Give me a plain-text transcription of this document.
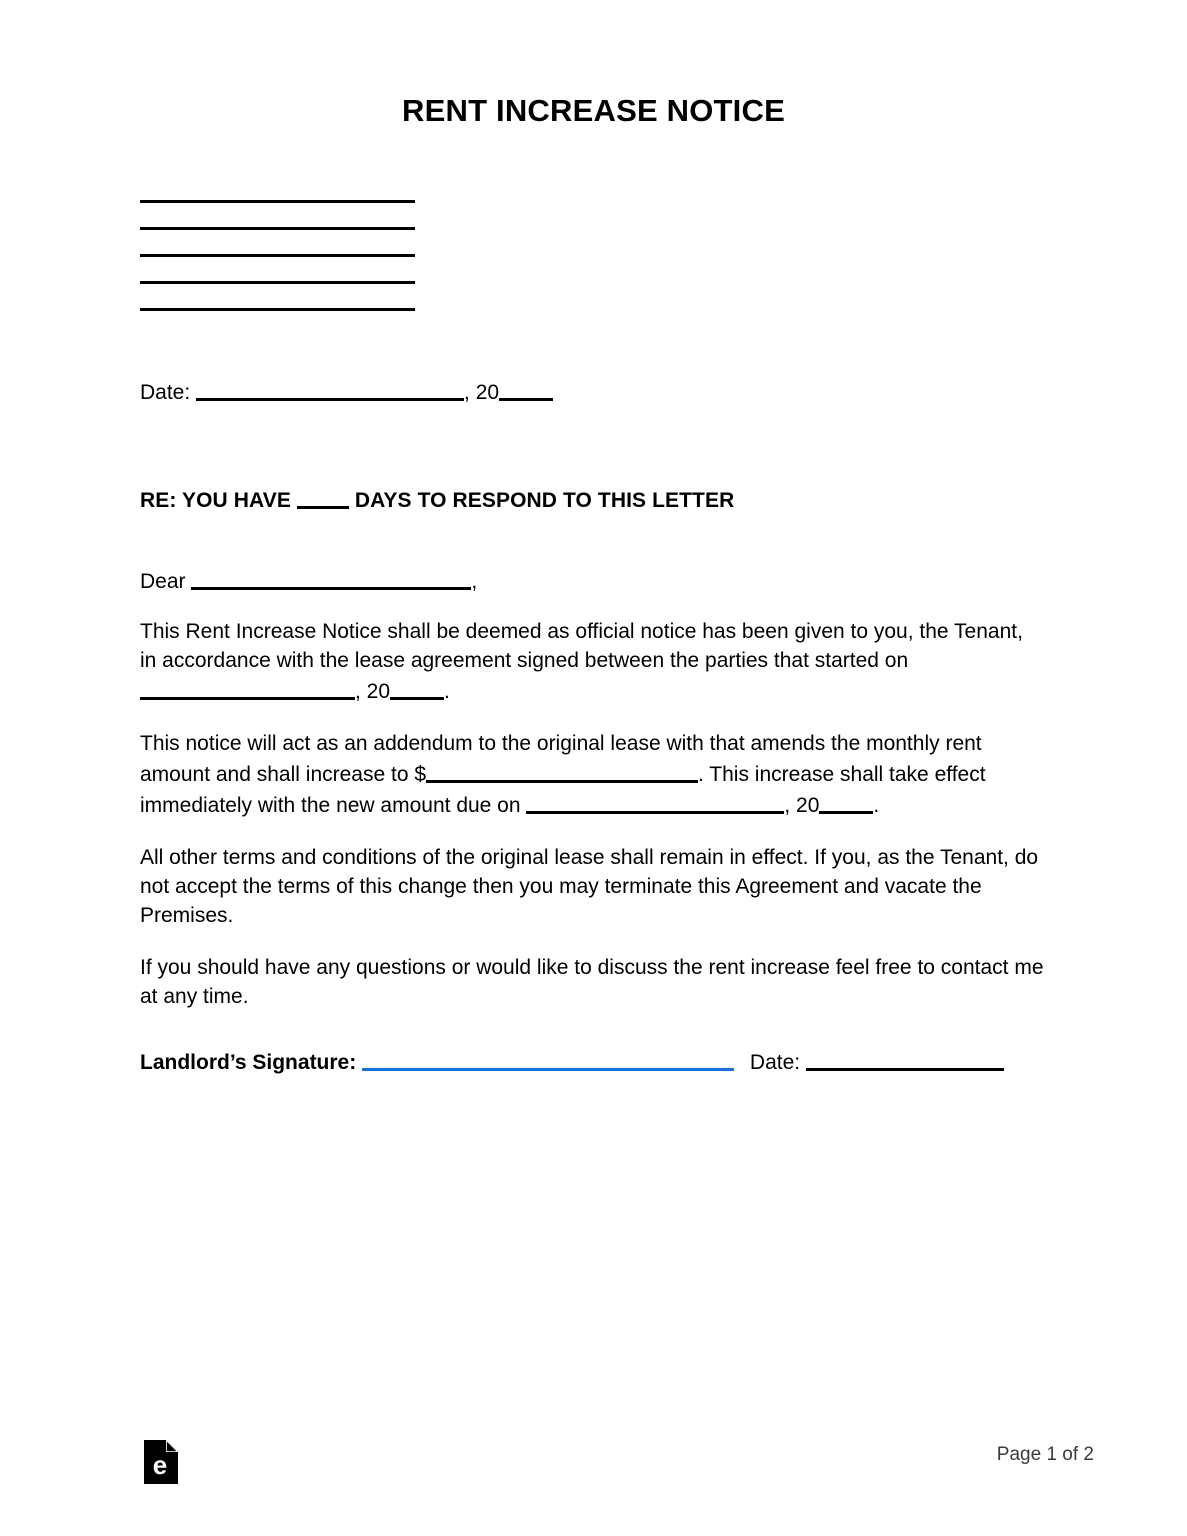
RENT INCREASE NOTICE
Date:	, 20
RE: YOU HAVE	DAYS TO RESPOND TO THIS LETTER
Dear	,

This Rent Increase Notice shall be deemed as official notice has been given to you, the Tenant, in accordance with the lease agreement signed between the parties that started on , 20	.

This notice will act as an addendum to the original lease with that amends the monthly rent amount and shall increase to $	. This increase shall take effect immediately with the new amount due on	, 20	.

All other terms and conditions of the original lease shall remain in effect. If you, as the Tenant, do not accept the terms of this change then you may terminate this Agreement and vacate the Premises.

If you should have any questions or would like to discuss the rent increase feel free to contact me at any time.

Landlord’s Signature:	Date:
e	Page 1 of 2
